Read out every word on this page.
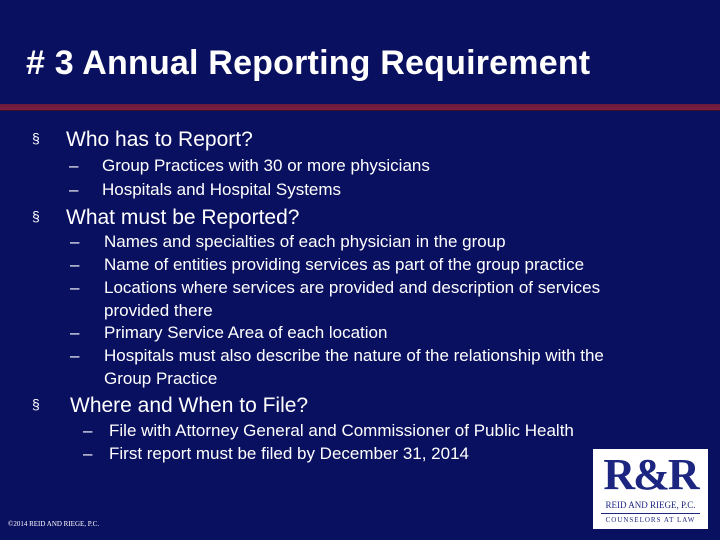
# 3 Annual Reporting Requirement
§ Who has to Report?
– Group Practices with 30 or more physicians
– Hospitals and Hospital Systems
§ What must be Reported?
– Names and specialties of each physician in the group
– Name of entities providing services as part of the group practice
– Locations where services are provided and description of services
provided there
– Primary Service Area of each location
– Hospitals must also describe the nature of the relationship with the
Group Practice
§ Where and When to File?
– File with Attorney General and Commissioner of Public Health
– First report must be filed by December 31, 2014	R&R
REID AND RIEGE, P.C.
COUNSELORS AT LAW
©2014 REID AND RIEGE, P.C.
